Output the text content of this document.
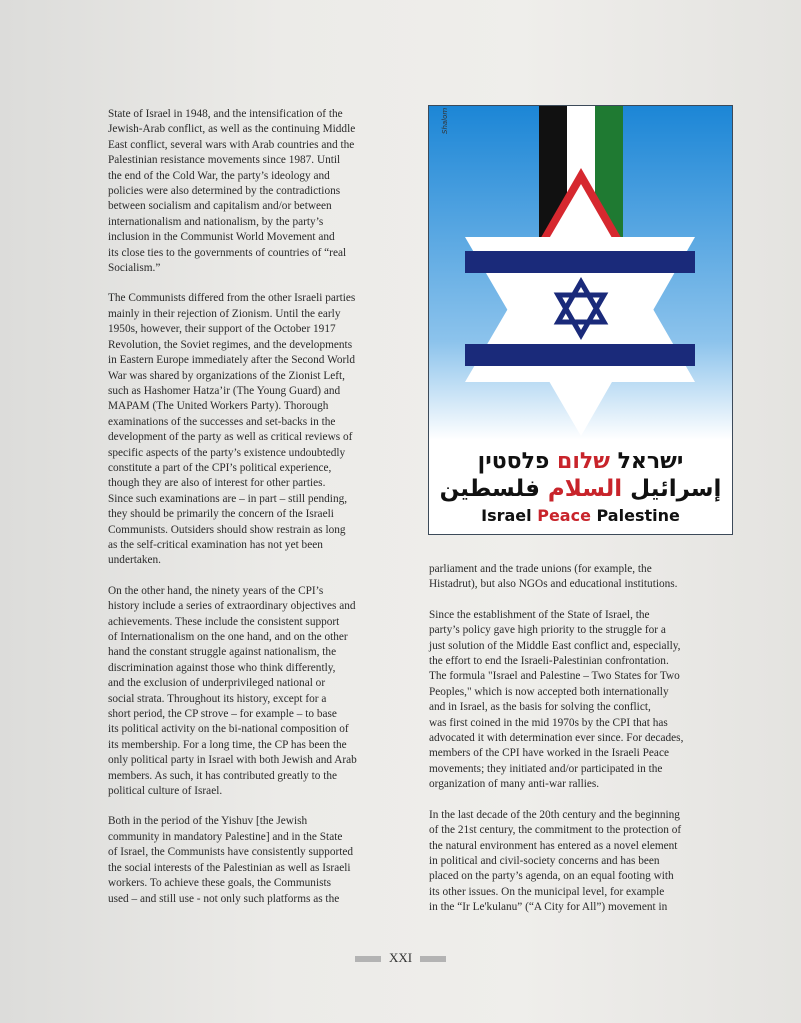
State of Israel in 1948, and the intensification of the
Jewish-Arab conflict, as well as the continuing Middle
East conflict, several wars with Arab countries and the
Palestinian resistance movements since 1987. Until
the end of the Cold War, the party’s ideology and
policies were also determined by the contradictions
between socialism and capitalism and/or between
internationalism and nationalism, by the party’s
inclusion in the Communist World Movement and
its close ties to the governments of countries of “real
Socialism.”

The Communists differed from the other Israeli parties
mainly in their rejection of Zionism. Until the early
1950s, however, their support of the October 1917
Revolution, the Soviet regimes, and the developments
in Eastern Europe immediately after the Second World
War was shared by organizations of the Zionist Left,
such as Hashomer Hatza’ir (The Young Guard) and
MAPAM (The United Workers Party). Thorough
examinations of the successes and set-backs in the
development of the party as well as critical reviews of
specific aspects of the party’s existence undoubtedly
constitute a part of the CPI’s political experience,
though they are also of interest for other parties.
Since such examinations are – in part – still pending,
they should be primarily the concern of the Israeli
Communists. Outsiders should show restrain as long
as the self-critical examination has not yet been
undertaken.

On the other hand, the ninety years of the CPI’s
history include a series of extraordinary objectives and
achievements. These include the consistent support
of Internationalism on the one hand, and on the other
hand the constant struggle against nationalism, the
discrimination against those who think differently,
and the exclusion of underprivileged national or
social strata. Throughout its history, except for a
short period, the CP strove – for example – to base
its political activity on the bi-national composition of
its membership. For a long time, the CP has been the
only political party in Israel with both Jewish and Arab
members. As such, it has contributed greatly to the
political culture of Israel.

Both in the period of the Yishuv [the Jewish
community in mandatory Palestine] and in the State
of Israel, the Communists have consistently supported
the social interests of the Palestinian as well as Israeli
workers. To achieve these goals, the Communists
used – and still use - not only such platforms as the

Shalom
ישראל שלום פלסטין
إسرائيل السلام فلسطين
Israel Peace Palestine

parliament and the trade unions (for example, the
Histadrut), but also NGOs and educational institutions.

Since the establishment of the State of Israel, the
party’s policy gave high priority to the struggle for a
just solution of the Middle East conflict and, especially,
the effort to end the Israeli-Palestinian confrontation.
The formula "Israel and Palestine – Two States for Two
Peoples," which is now accepted both internationally
and in Israel, as the basis for solving the conflict,
was first coined in the mid 1970s by the CPI that has
advocated it with determination ever since. For decades,
members of the CPI have worked in the Israeli Peace
movements; they initiated and/or participated in the
organization of many anti-war rallies.

In the last decade of the 20th century and the beginning
of the 21st century, the commitment to the protection of
the natural environment has entered as a novel element
in political and civil-society concerns and has been
placed on the party’s agenda, on an equal footing with
its other issues. On the municipal level, for example
in the “Ir Le'kulanu” (“A City for All”) movement in

XXI
